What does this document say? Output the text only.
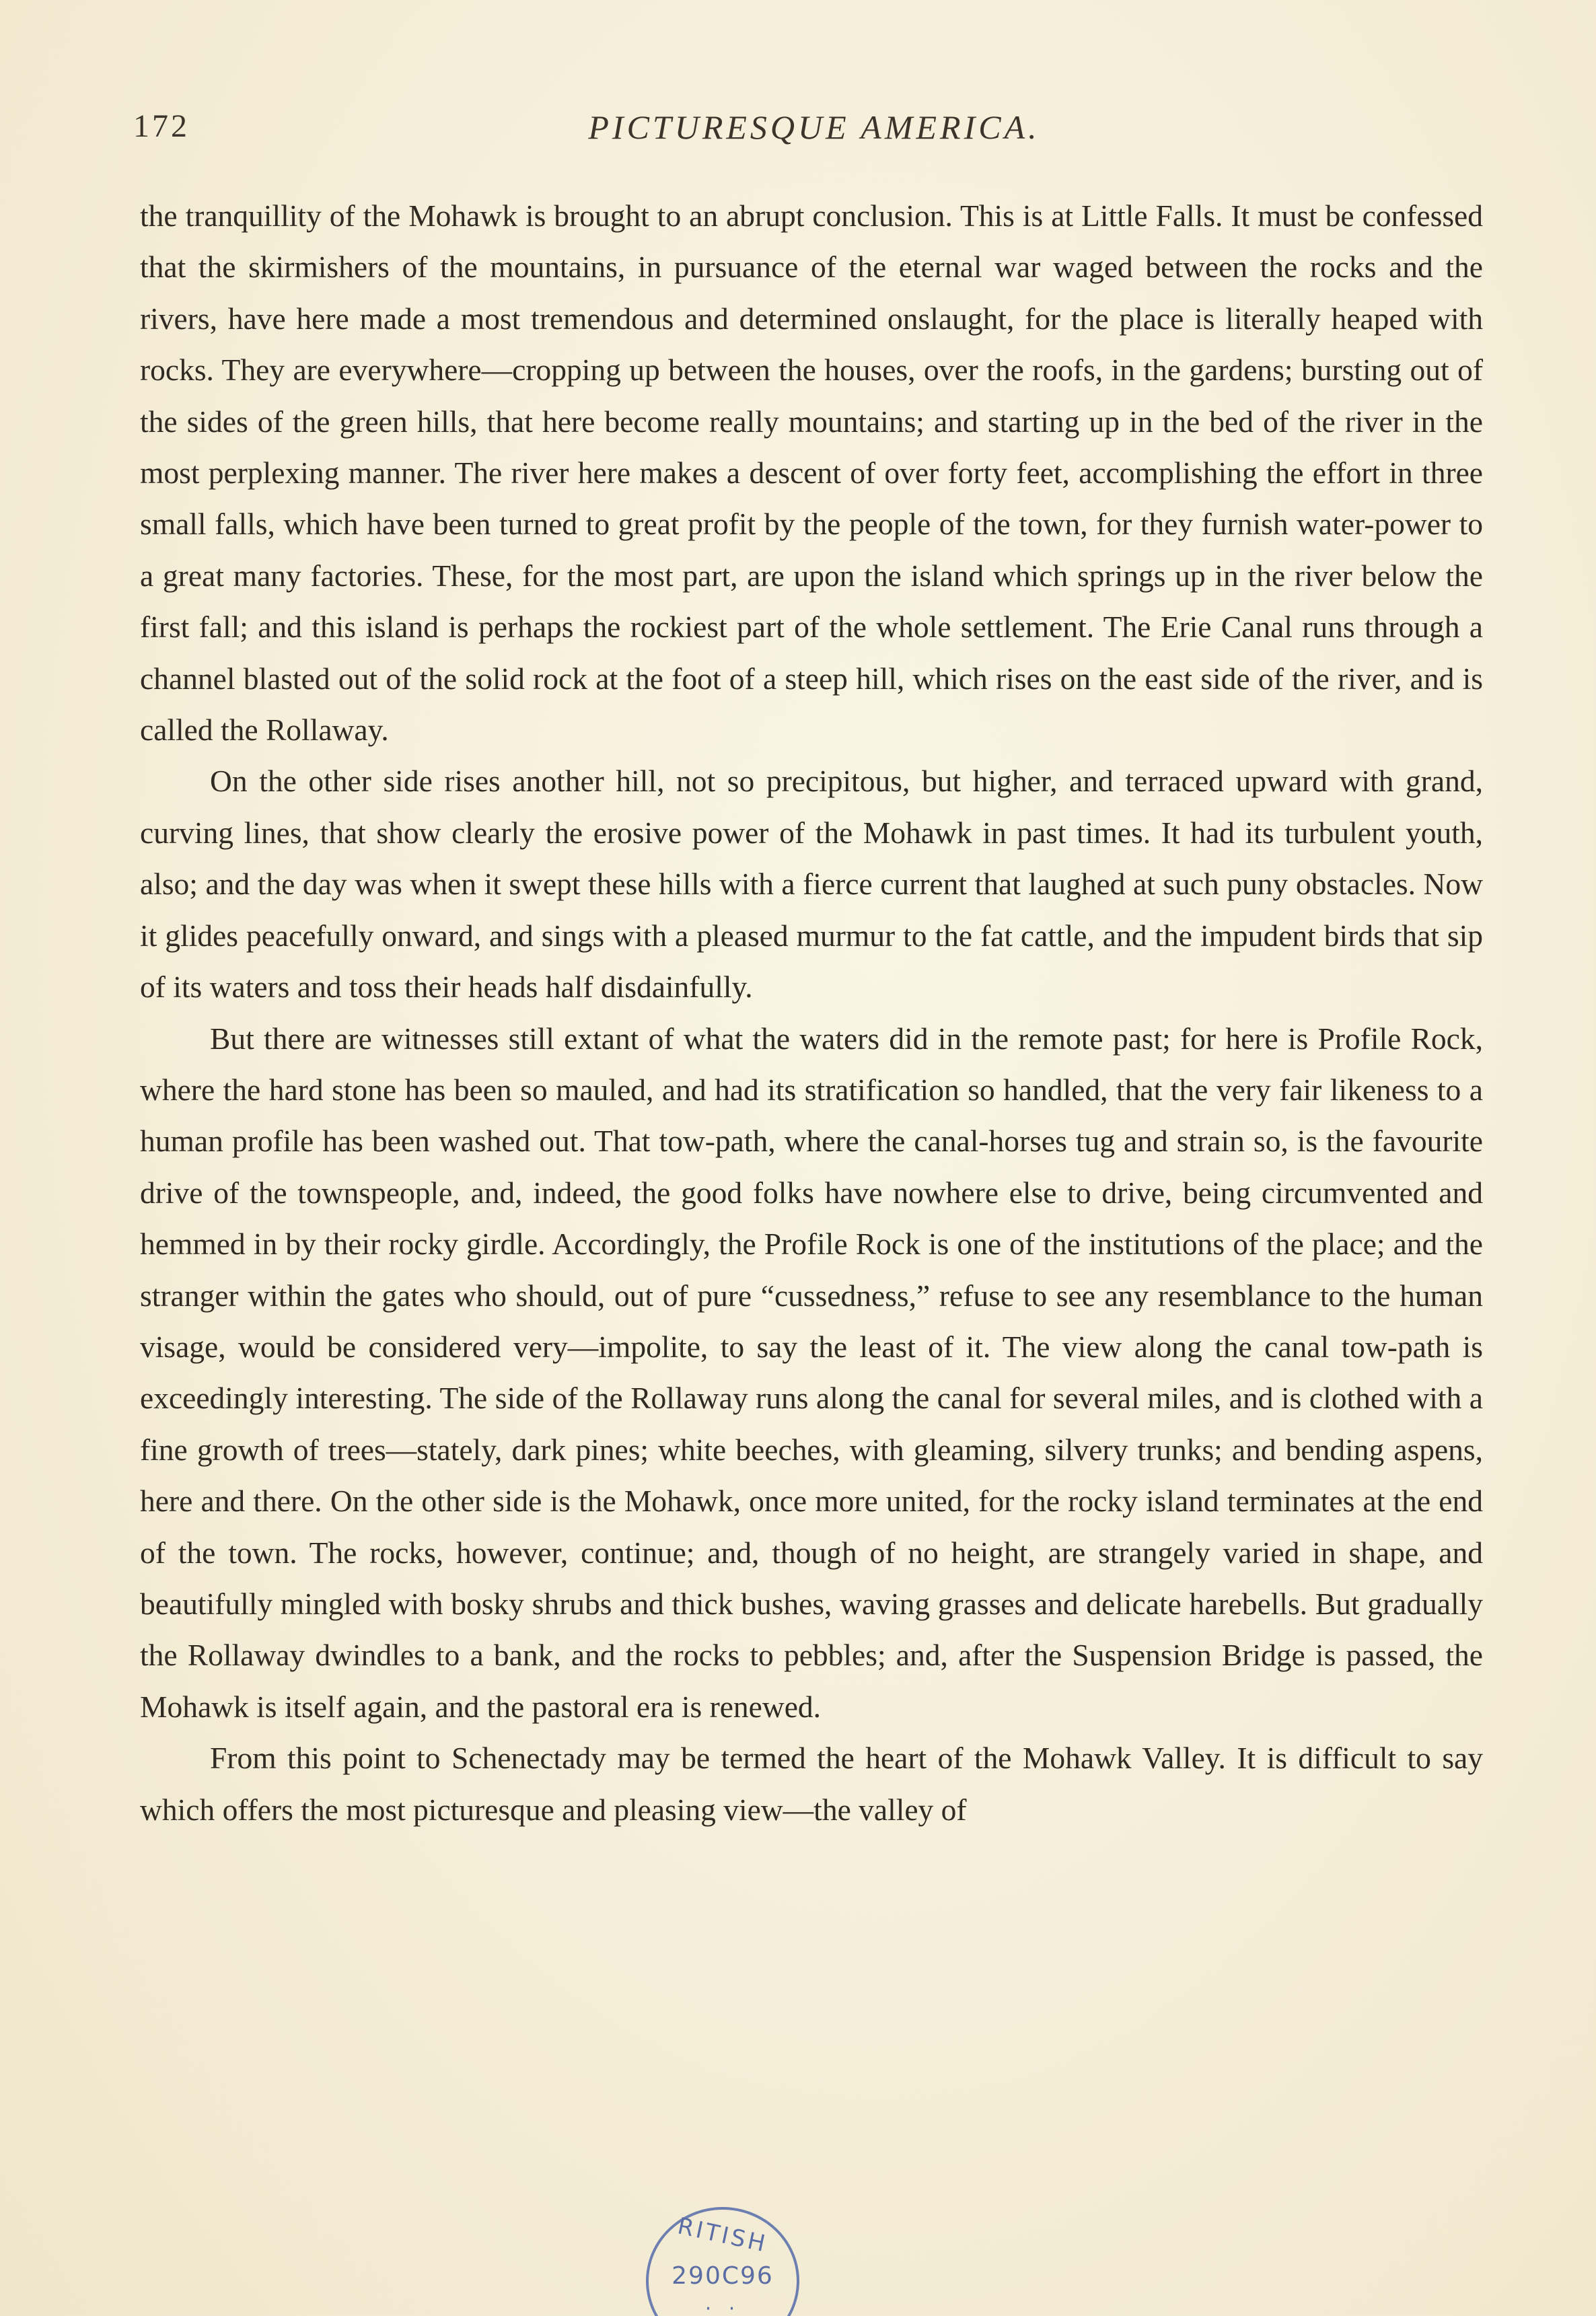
172	PICTURESQUE AMERICA.

the tranquillity of the Mohawk is brought to an abrupt conclusion. This is at Little Falls. It must be confessed that the skirmishers of the mountains, in pursuance of the eternal war waged between the rocks and the rivers, have here made a most tremendous and determined onslaught, for the place is literally heaped with rocks. They are everywhere—cropping up between the houses, over the roofs, in the gardens; bursting out of the sides of the green hills, that here become really mountains; and starting up in the bed of the river in the most perplexing manner. The river here makes a descent of over forty feet, accomplishing the effort in three small falls, which have been turned to great profit by the people of the town, for they furnish water-power to a great many factories. These, for the most part, are upon the island which springs up in the river below the first fall; and this island is perhaps the rockiest part of the whole settlement. The Erie Canal runs through a channel blasted out of the solid rock at the foot of a steep hill, which rises on the east side of the river, and is called the Rollaway.

On the other side rises another hill, not so precipitous, but higher, and terraced upward with grand, curving lines, that show clearly the erosive power of the Mohawk in past times. It had its turbulent youth, also; and the day was when it swept these hills with a fierce current that laughed at such puny obstacles. Now it glides peacefully onward, and sings with a pleased murmur to the fat cattle, and the impudent birds that sip of its waters and toss their heads half disdainfully.

But there are witnesses still extant of what the waters did in the remote past; for here is Profile Rock, where the hard stone has been so mauled, and had its stratification so handled, that the very fair likeness to a human profile has been washed out. That tow-path, where the canal-horses tug and strain so, is the favourite drive of the townspeople, and, indeed, the good folks have nowhere else to drive, being circumvented and hemmed in by their rocky girdle. Accordingly, the Profile Rock is one of the institutions of the place; and the stranger within the gates who should, out of pure “cussedness,” refuse to see any resemblance to the human visage, would be considered very—impolite, to say the least of it. The view along the canal tow-path is exceedingly interesting. The side of the Rollaway runs along the canal for several miles, and is clothed with a fine growth of trees—stately, dark pines; white beeches, with gleaming, silvery trunks; and bending aspens, here and there. On the other side is the Mohawk, once more united, for the rocky island terminates at the end of the town. The rocks, however, continue; and, though of no height, are strangely varied in shape, and beautifully mingled with bosky shrubs and thick bushes, waving grasses and delicate harebells. But gradually the Rollaway dwindles to a bank, and the rocks to pebbles; and, after the Suspension Bridge is passed, the Mohawk is itself again, and the pastoral era is renewed.

From this point to Schenectady may be termed the heart of the Mohawk Valley. It is difficult to say which offers the most picturesque and pleasing view—the valley of

RITISH
290C96
· ·
